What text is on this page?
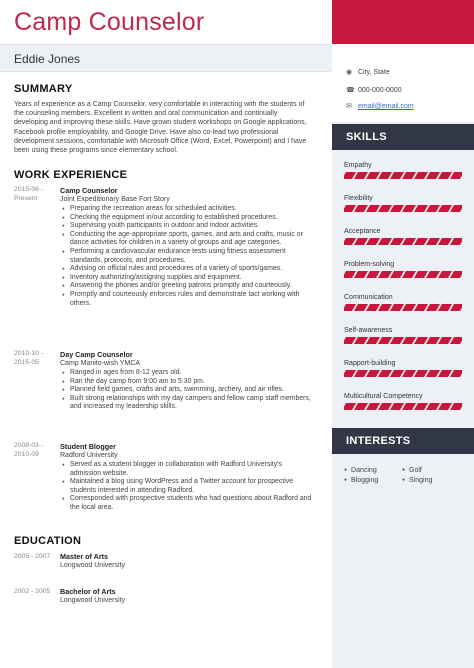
Camp Counselor
Eddie Jones
◉ City, State
☎ 000-000-0000
✉ email@email.com
SKILLS
Empathy
Flexibility
Acceptance
Problem-solving
Communication
Self-awareness
Rapport-building
Multicultural Competency
INTERESTS
● Dancing
● Blogging
● Golf
● Singing
SUMMARY
Years of experience as a Camp Counselor, very comfortable in interacting with the students of the counseling members. Excellent in written and oral communication and continually developing and improving these skills. Have grown student workshops on Google applications, Facebook profile employability, and Google Drive. Have also co-lead two professional development sessions, comfortable with Microsoft Office (Word, Excel, Powerpoint) and I have been using these programs since elementary school.
WORK EXPERIENCE
2015-06 - Present
Camp Counselor
Joint Expeditionary Base Fort Story
● Preparing the recreation areas for scheduled activities.
● Checking the equipment in/out according to established procedures.
● Supervising youth participants in outdoor and indoor activities.
● Conducting the age-appropriate sports, games, and arts and crafts, music or dance activities for children in a variety of groups and age categories.
● Performing a cardiovascular endurance tests using fitness assessment standards, protocols, and procedures.
● Advising on official rules and procedures of a variety of sports/games.
● Inventory authorizing/assigning supplies and equipment.
● Answering the phones and/or greeting patrons promptly and courteously.
● Promptly and courteously enforces rules and demonstrate tact working with others.
2010-10 - 2015-05
Day Camp Counselor
Camp Manito-wish YMCA
● Ranged in ages from 8-12 years old.
● Ran the day camp from 9:00 am to 5:30 pm.
● Planned field games, crafts and arts, swimming, archery, and air rifles.
● Built strong relationships with my day campers and fellow camp staff members, and increased my leadership skills.
2008-03 - 2010-09
Student Blogger
Radford University
● Served as a student blogger in collaboration with Radford University's admission website.
● Maintained a blog using WordPress and a Twitter account for prospective students interested in attending Radford.
● Corresponded with prospective students who had questions about Radford and the local area.
EDUCATION
2005 - 2007 Master of Arts
Longwood University
2002 - 2005 Bachelor of Arts
Longwood University
